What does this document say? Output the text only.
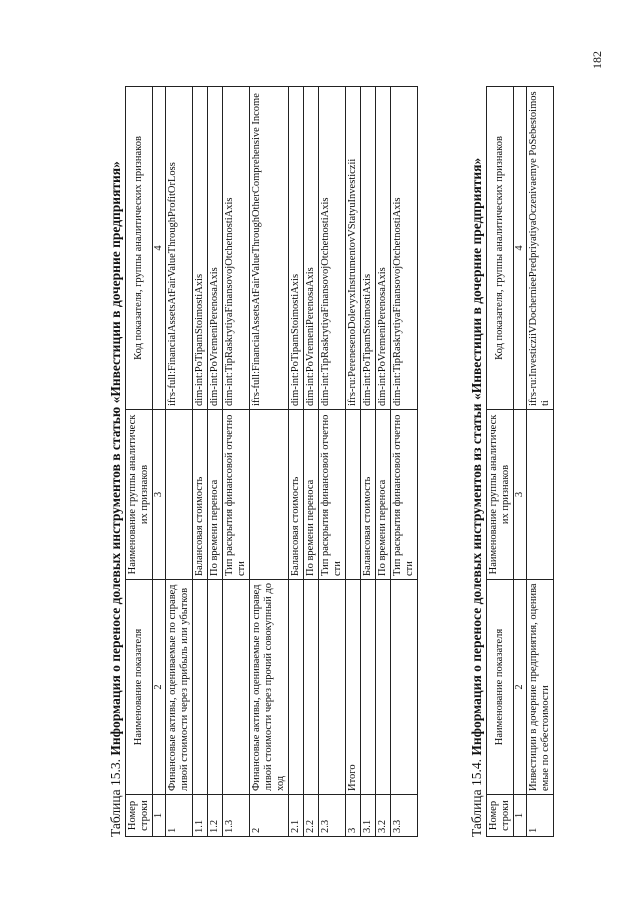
Таблица 15.3. Информация о переносе долевых инструментов в статью «Инвестиции в дочерние предприятия»
Номер строки	Наименование показателя	Наименование группы аналитических признаков	Код показателя, группы аналитических признаков
1	2	3	4
1	Финансовые активы, оцениваемые по справедливой стоимости через прибыль или убытков		ifrs-full:FinancialAssetsAtFairValueThroughProfitOrLoss
1.1		Балансовая стоимость	dim-int:PoTipamStoimostiAxis
1.2		По времени переноса	dim-int:PoVremeniPerenosaAxis
1.3		Тип раскрытия финансовой отчетности	dim-int:TipRaskrytiyaFinansovojOtchetnostiAxis
2	Финансовые активы, оцениваемые по справедливой стоимости через прочий совокупный доход		ifrs-full:FinancialAssetsAtFairValueThroughOtherComprehensive Income
2.1		Балансовая стоимость	dim-int:PoTipamStoimostiAxis
2.2		По времени переноса	dim-int:PoVremeniPerenosaAxis
2.3		Тип раскрытия финансовой отчетности	dim-int:TipRaskrytiyaFinansovojOtchetnostiAxis
3	Итого		ifrs-ru:PerenesenoDolevyxInstrumentovVStatyuInvesticzii
3.1		Балансовая стоимость	dim-int:PoTipamStoimostiAxis
3.2		По времени переноса	dim-int:PoVremeniPerenosaAxis
3.3		Тип раскрытия финансовой отчетности	dim-int:TipRaskrytiyaFinansovojOtchetnostiAxis
Таблица 15.4. Информация о переносе долевых инструментов из статьи «Инвестиции в дочерние предприятия»
Номер строки	Наименование показателя	Наименование группы аналитических признаков	Код показателя, группы аналитических признаков
1	2	3	4
1	Инвестиции в дочерние предприятия, оцениваемые по себестоимости		ifrs-ru:InvesticziiVDochernieePredpriyatiyaOczenivaemye PoSebestoimosti
182
